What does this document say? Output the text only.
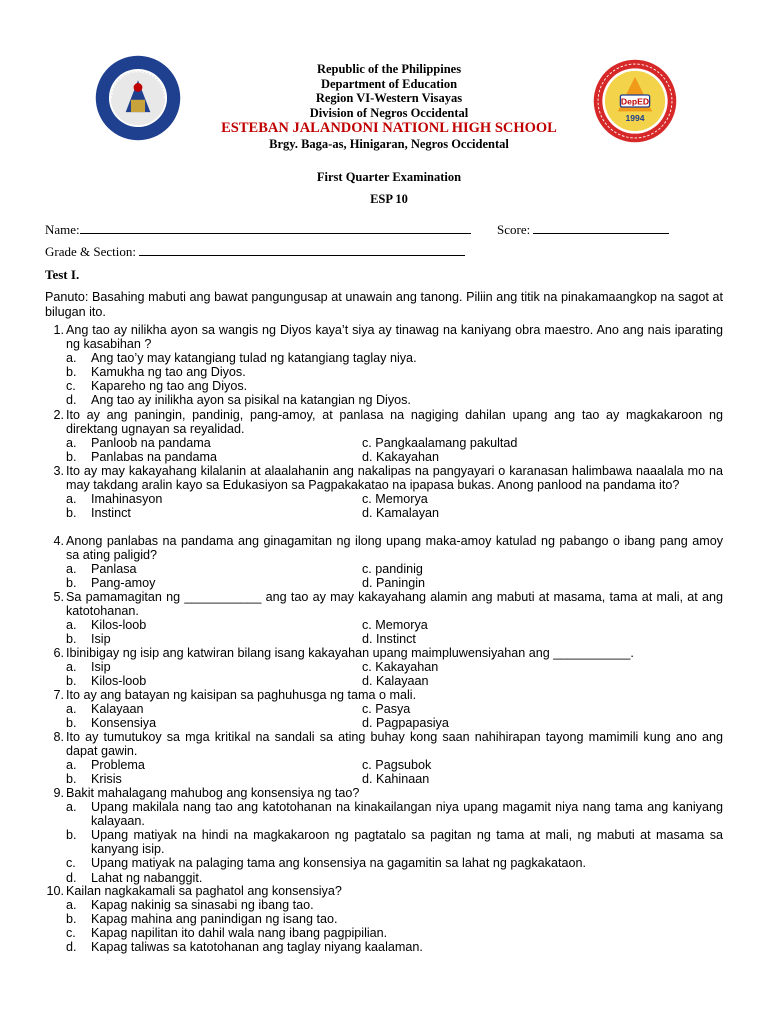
DepED
1994
Republic of the Philippines
Department of Education
Region VI-Western Visayas
Division of Negros Occidental
ESTEBAN JALANDONI NATIONL HIGH SCHOOL
Brgy. Baga-as, Hinigaran, Negros Occidental
First Quarter Examination
ESP 10
Name:	Score:
Grade & Section:
Test I.
Panuto: Basahing mabuti ang bawat pangungusap at unawain ang tanong. Piliin ang titik na pinakamaangkop na sagot at bilugan ito.
1. Ang tao ay nilikha ayon sa wangis ng Diyos kaya’t siya ay tinawag na kaniyang obra maestro. Ano ang nais iparating ng kasabihan ?
a. Ang tao’y may katangiang tulad ng katangiang taglay niya.
b. Kamukha ng tao ang Diyos.
c. Kapareho ng tao ang Diyos.
d. Ang tao ay inilikha ayon sa pisikal na katangian ng Diyos.
2. Ito ay ang paningin, pandinig, pang-amoy, at panlasa na nagiging dahilan upang ang tao ay magkakaroon ng direktang ugnayan sa reyalidad.
a. Panloob na pandama	c. Pangkaalamang pakultad
b. Panlabas na pandama	d. Kakayahan
3. Ito ay may kakayahang kilalanin at alaalahanin ang nakalipas na pangyayari o karanasan halimbawa naaalala mo na may takdang aralin kayo sa Edukasiyon sa Pagpakakatao na ipapasa bukas. Anong panlood na pandama ito?
a. Imahinasyon	c. Memorya
b. Instinct	d. Kamalayan
4. Anong panlabas na pandama ang ginagamitan ng ilong upang maka-amoy katulad ng pabango o ibang pang amoy sa ating paligid?
a. Panlasa	c. pandinig
b. Pang-amoy	d. Paningin
5. Sa pamamagitan ng ___________ ang tao ay may kakayahang alamin ang mabuti at masama, tama at mali, at ang katotohanan.
a. Kilos-loob	c. Memorya
b. Isip	d. Instinct
6. Ibinibigay ng isip ang katwiran bilang isang kakayahan upang maimpluwensiyahan ang ___________.
a. Isip	c. Kakayahan
b. Kilos-loob	d. Kalayaan
7. Ito ay ang batayan ng kaisipan sa paghuhusga ng tama o mali.
a. Kalayaan	c. Pasya
b. Konsensiya	d. Pagpapasiya
8. Ito ay tumutukoy sa mga kritikal na sandali sa ating buhay kong saan nahihirapan tayong mamimili kung ano ang dapat gawin.
a. Problema	c. Pagsubok
b. Krisis	d. Kahinaan
9. Bakit mahalagang mahubog ang konsensiya ng tao?
a. Upang makilala nang tao ang katotohanan na kinakailangan niya upang magamit niya nang tama ang kaniyang kalayaan.
b. Upang matiyak na hindi na magkakaroon ng pagtatalo sa pagitan ng tama at mali, ng mabuti at masama sa kanyang isip.
c. Upang matiyak na palaging tama ang konsensiya na gagamitin sa lahat ng pagkakataon.
d. Lahat ng nabanggit.
10. Kailan nagkakamali sa paghatol ang konsensiya?
a. Kapag nakinig sa sinasabi ng ibang tao.
b. Kapag mahina ang panindigan ng isang tao.
c. Kapag napilitan ito dahil wala nang ibang pagpipilian.
d. Kapag taliwas sa katotohanan ang taglay niyang kaalaman.
